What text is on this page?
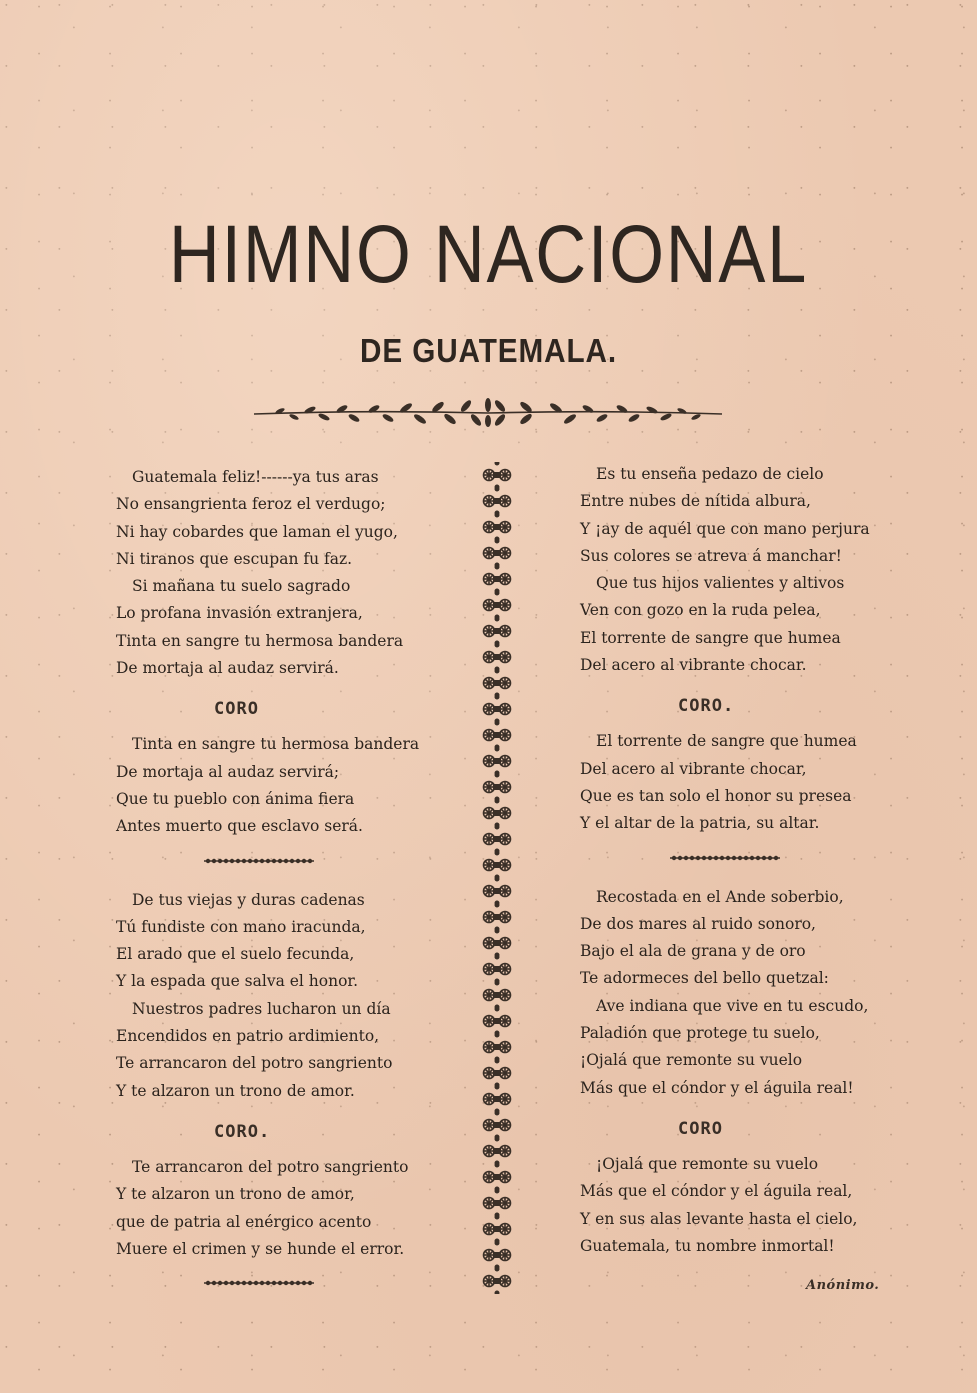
HIMNO NACIONAL
DE GUATEMALA.
Guatemala feliz!------ya tus aras
No ensangrienta feroz el verdugo;
Ni hay cobardes que laman el yugo,
Ni tiranos que escupan fu faz.
Si mañana tu suelo sagrado
Lo profana invasión extranjera,
Tinta en sangre tu hermosa bandera
De mortaja al audaz servirá.
CORO
Tinta en sangre tu hermosa bandera
De mortaja al audaz servirá;
Que tu pueblo con ánima fiera
Antes muerto que esclavo será.
De tus viejas y duras cadenas
Tú fundiste con mano iracunda,
El arado que el suelo fecunda,
Y la espada que salva el honor.
Nuestros padres lucharon un día
Encendidos en patrio ardimiento,
Te arrancaron del potro sangriento
Y te alzaron un trono de amor.
CORO.
Te arrancaron del potro sangriento
Y te alzaron un trono de amor,
que de patria al enérgico acento
Muere el crimen y se hunde el error.
Es tu enseña pedazo de cielo
Entre nubes de nítida albura,
Y ¡ay de aquél que con mano perjura
Sus colores se atreva á manchar!
Que tus hijos valientes y altivos
Ven con gozo en la ruda pelea,
El torrente de sangre que humea
Del acero al vibrante chocar.
CORO.
El torrente de sangre que humea
Del acero al vibrante chocar,
Que es tan solo el honor su presea
Y el altar de la patria, su altar.
Recostada en el Ande soberbio,
De dos mares al ruido sonoro,
Bajo el ala de grana y de oro
Te adormeces del bello quetzal:
Ave indiana que vive en tu escudo,
Paladión que protege tu suelo,
¡Ojalá que remonte su vuelo
Más que el cóndor y el águila real!
CORO
¡Ojalá que remonte su vuelo
Más que el cóndor y el águila real,
Y en sus alas levante hasta el cielo,
Guatemala, tu nombre inmortal!
Anónimo.
